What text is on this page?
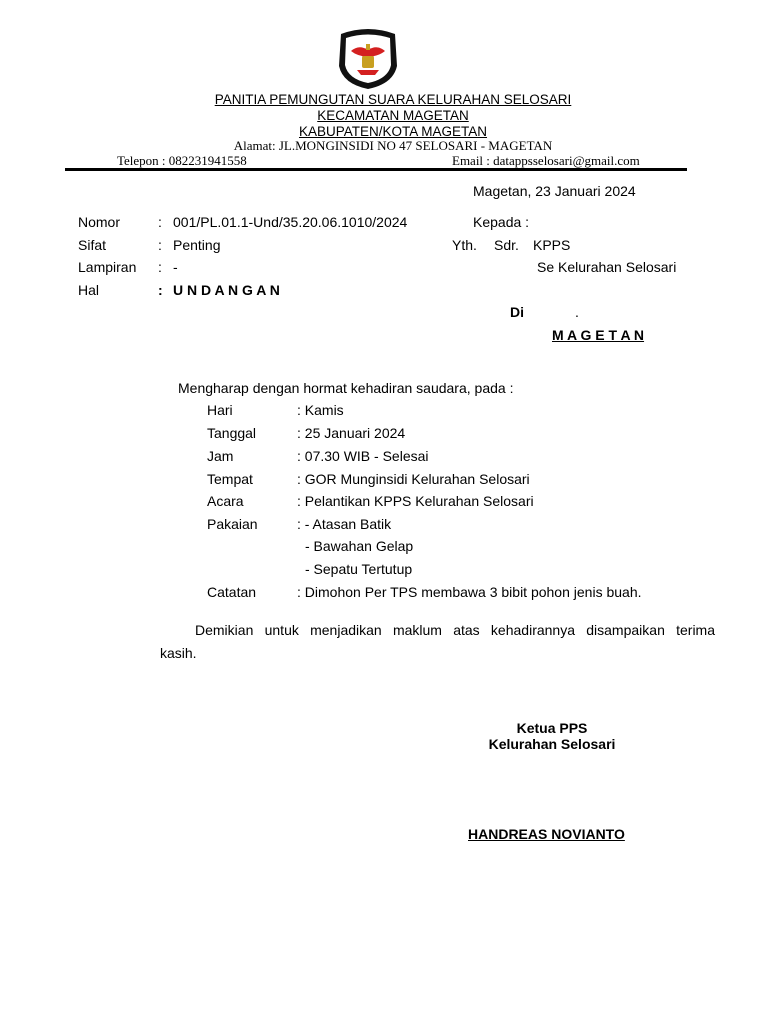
PANITIA PEMUNGUTAN SUARA KELURAHAN SELOSARI
KECAMATAN MAGETAN
KABUPATEN/KOTA MAGETAN
Alamat: JL.MONGINSIDI NO 47 SELOSARI - MAGETAN
Telepon : 082231941558	Email : datappsselosari@gmail.com
Magetan, 23 Januari 2024
Nomor	: 001/PL.01.1-Und/35.20.06.1010/2024
Sifat	: Penting
Lampiran : -
Hal	: U N D A N G A N
Kepada :
Yth. Sdr. KPPS
Se Kelurahan Selosari
Di	.
M A G E T A N
Mengharap dengan hormat kehadiran saudara, pada :
Hari	: Kamis
Tanggal	: 25 Januari 2024
Jam	: 07.30 WIB - Selesai
Tempat	: GOR Munginsidi Kelurahan Selosari
Acara	: Pelantikan KPPS Kelurahan Selosari
Pakaian	: - Atasan Batik
- Bawahan Gelap
- Sepatu Tertutup
Catatan	: Dimohon Per TPS membawa 3 bibit pohon jenis buah.
Demikian untuk menjadikan maklum atas kehadirannya disampaikan terima
kasih.
Ketua PPS
Kelurahan Selosari
HANDREAS NOVIANTO
